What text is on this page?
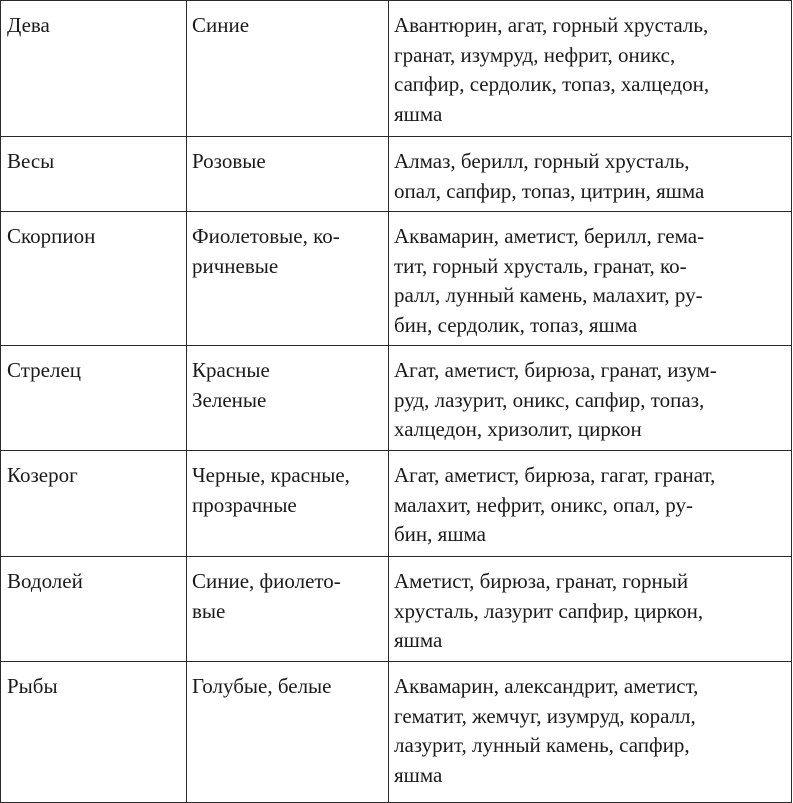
Дева	Синие	Авантюрин, агат, горный хрусталь,
гранат, изумруд, нефрит, оникс,
сапфир, сердолик, топаз, халцедон,
яшма

Весы	Розовые	Алмаз, берилл, горный хрусталь,
опал, сапфир, топаз, цитрин, яшма

Скорпион	Фиолетовые, ко-
ричневые	Аквамарин, аметист, берилл, гема-
тит, горный хрусталь, гранат, ко-
ралл, лунный камень, малахит, ру-
бин, сердолик, топаз, яшма

Стрелец	Красные
Зеленые	Агат, аметист, бирюза, гранат, изум-
руд, лазурит, оникс, сапфир, топаз,
халцедон, хризолит, циркон

Козерог	Черные, красные,
прозрачные	Агат, аметист, бирюза, гагат, гранат,
малахит, нефрит, оникс, опал, ру-
бин, яшма

Водолей	Синие, фиолето-
вые	Аметист, бирюза, гранат, горный
хрусталь, лазурит сапфир, циркон,
яшма

Рыбы	Голубые, белые	Аквамарин, александрит, аметист,
гематит, жемчуг, изумруд, коралл,
лазурит, лунный камень, сапфир,
яшма
